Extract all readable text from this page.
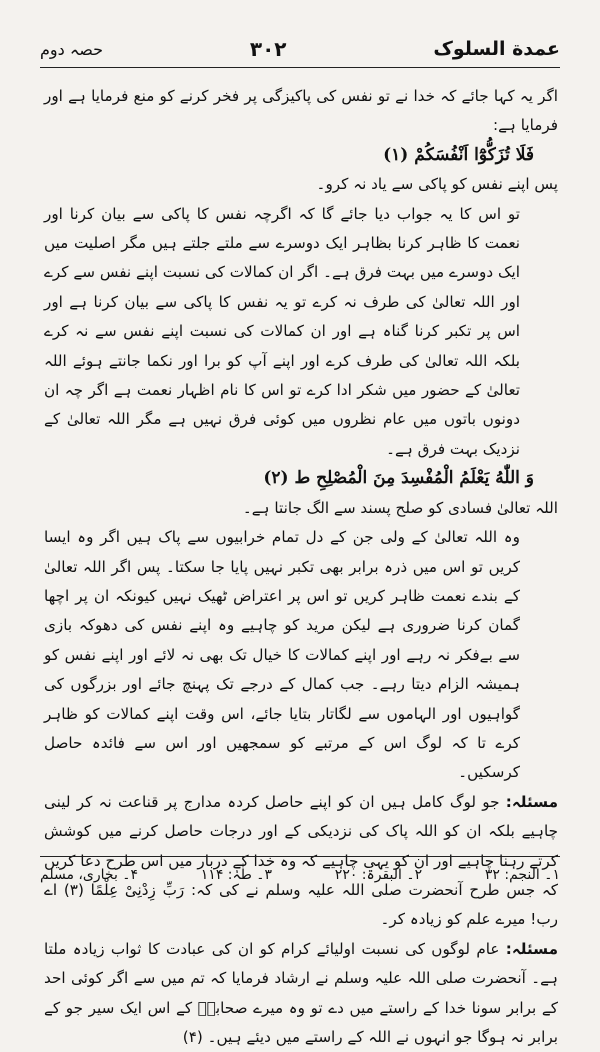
حصہ دوم	۳۰۲	عمدة السلوک

اگر یہ کہا جائے کہ خدا نے تو نفس کی پاکیزگی پر فخر کرنے کو منع فرمایا ہے اور فرمایا ہے:

فَلَا تُزَكُّوْٓا اَنْفُسَكُمْ (۱)

پس اپنے نفس کو پاکی سے یاد نہ کرو۔

تو اس کا یہ جواب دیا جائے گا کہ اگرچہ نفس کا پاکی سے بیان کرنا اور نعمت کا ظاہر کرنا بظاہر ایک دوسرے سے ملتے جلتے ہیں مگر اصلیت میں ایک دوسرے میں بہت فرق ہے۔ اگر ان کمالات کی نسبت اپنے نفس سے کرے اور اللہ تعالیٰ کی طرف نہ کرے تو یہ نفس کا پاکی سے بیان کرنا ہے اور اس پر تکبر کرنا گناہ ہے اور ان کمالات کی نسبت اپنے نفس سے نہ کرے بلکہ اللہ تعالیٰ کی طرف کرے اور اپنے آپ کو برا اور نکما جانتے ہوئے اللہ تعالیٰ کے حضور میں شکر ادا کرے تو اس کا نام اظہار نعمت ہے اگر چہ ان دونوں باتوں میں عام نظروں میں کوئی فرق نہیں ہے مگر اللہ تعالیٰ کے نزدیک بہت فرق ہے۔

وَ اللّٰهُ يَعْلَمُ الْمُفْسِدَ مِنَ الْمُصْلِحِ ط (۲)

اللہ تعالیٰ فسادی کو صلح پسند سے الگ جانتا ہے۔

وہ اللہ تعالیٰ کے ولی جن کے دل تمام خرابیوں سے پاک ہیں اگر وہ ایسا کریں تو اس میں ذرہ برابر بھی تکبر نہیں پایا جا سکتا۔ پس اگر اللہ تعالیٰ کے بندے نعمت ظاہر کریں تو اس پر اعتراض ٹھیک نہیں کیونکہ ان پر اچھا گمان کرنا ضروری ہے لیکن مرید کو چاہیے وہ اپنے نفس کی دھوکہ بازی سے بےفکر نہ رہے اور اپنے کمالات کا خیال تک بھی نہ لائے اور اپنے نفس کو ہمیشہ الزام دیتا رہے۔ جب کمال کے درجے تک پہنچ جائے اور بزرگوں کی گواہیوں اور الہاموں سے لگاتار بتایا جائے، اس وقت اپنے کمالات کو ظاہر کرے تا کہ لوگ اس کے مرتبے کو سمجھیں اور اس سے فائدہ حاصل کرسکیں۔

مسئلہ: جو لوگ کامل ہیں ان کو اپنے حاصل کردہ مدارج پر قناعت نہ کر لینی چاہیے بلکہ ان کو اللہ پاک کی نزدیکی کے اور درجات حاصل کرنے میں کوشش کرتے رہنا چاہیے اور ان کو یہی چاہیے کہ وہ خدا کے دربار میں اس طرح دعا کریں کہ جس طرح آنحضرت صلی اللہ علیہ وسلم نے کی کہ: رَبِّ زِدْنِیْ عِلْمًا (۳) اے رب! میرے علم کو زیادہ کر۔

مسئلہ: عام لوگوں کی نسبت اولیائے کرام کو ان کی عبادت کا ثواب زیادہ ملتا ہے۔ آنحضرت صلی اللہ علیہ وسلم نے ارشاد فرمایا کہ تم میں سے اگر کوئی احد کے برابر سونا خدا کے راستے میں دے تو وہ میرے صحابہؓ کے اس ایک سیر جو کے برابر نہ ہوگا جو انہوں نے اللہ کے راستے میں دیئے ہیں۔ (۴)

۱۔ النجم: ۳۲
۲۔ البقرۃ: ۲۲۰
۳۔ طٰہٰ: ۱۱۴
۴۔ بخاری، مسلم
